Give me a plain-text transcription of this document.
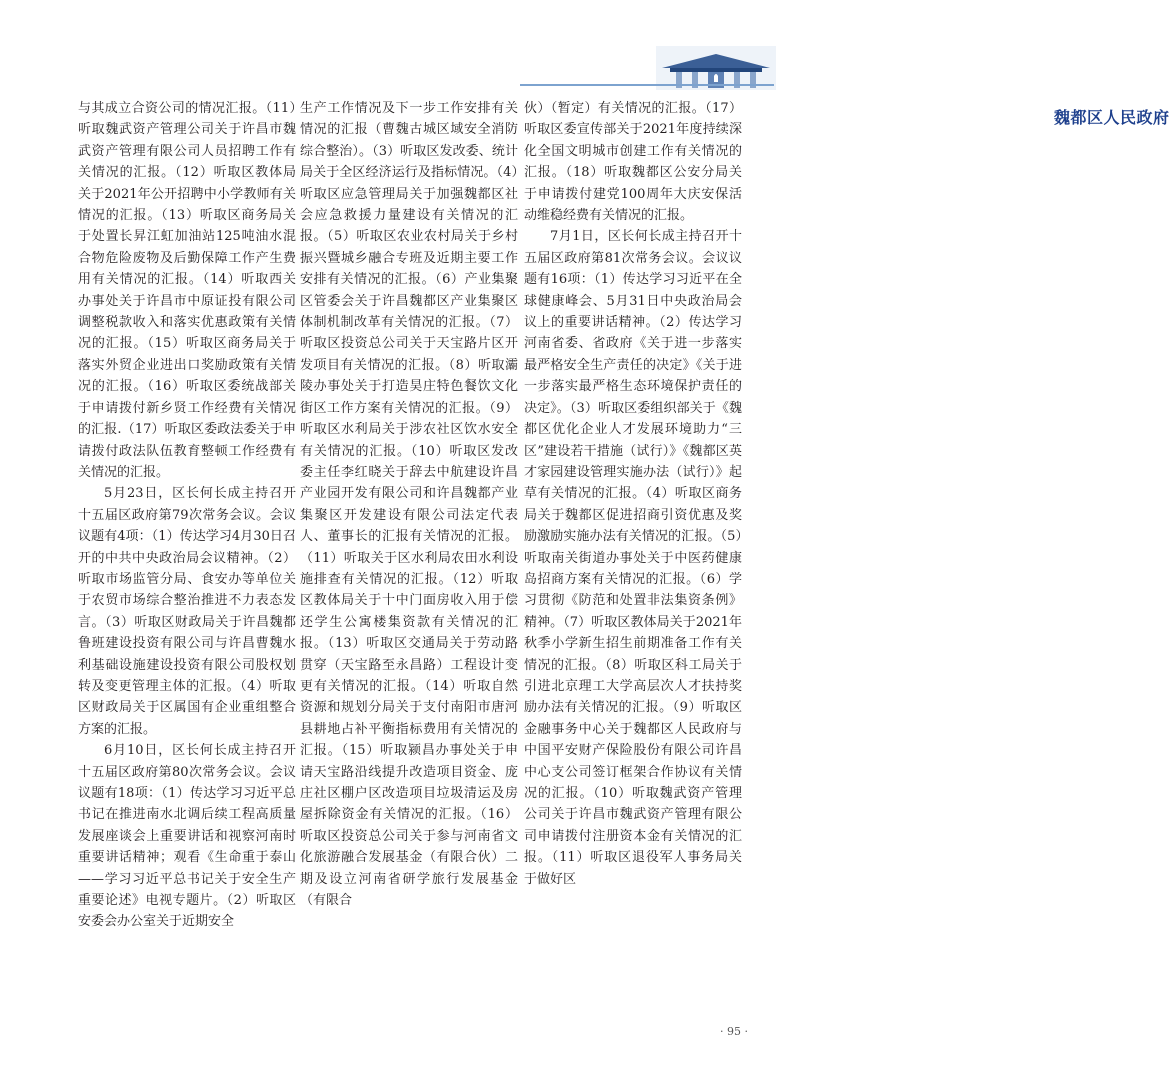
魏都区人民政府

与其成立合资公司的情况汇报。（11）听取魏武资产管理公司关于许昌市魏武资产管理有限公司人员招聘工作有关情况的汇报。（12）听取区教体局关于2021年公开招聘中小学教师有关情况的汇报。（13）听取区商务局关于处置长昇江虹加油站125吨油水混合物危险废物及后勤保障工作产生费用有关情况的汇报。（14）听取西关办事处关于许昌市中原证投有限公司调整税款收入和落实优惠政策有关情况的汇报。（15）听取区商务局关于落实外贸企业进出口奖励政策有关情况的汇报。（16）听取区委统战部关于申请拨付新乡贤工作经费有关情况的汇报.（17）听取区委政法委关于申请拨付政法队伍教育整顿工作经费有关情况的汇报。

5月23日，区长何长成主持召开十五届区政府第79次常务会议。会议议题有4项：（1）传达学习4月30日召开的中共中央政治局会议精神。（2）听取市场监管分局、食安办等单位关于农贸市场综合整治推进不力表态发言。（3）听取区财政局关于许昌魏都鲁班建设投资有限公司与许昌曹魏水利基础设施建设投资有限公司股权划转及变更管理主体的汇报。（4）听取区财政局关于区属国有企业重组整合方案的汇报。

6月10日，区长何长成主持召开十五届区政府第80次常务会议。会议议题有18项：（1）传达学习习近平总书记在推进南水北调后续工程高质量发展座谈会上重要讲话和视察河南时重要讲话精神；观看《生命重于泰山——学习习近平总书记关于安全生产重要论述》电视专题片。（2）听取区安委会办公室关于近期安全

生产工作情况及下一步工作安排有关情况的汇报（曹魏古城区域安全消防综合整治）。（3）听取区发改委、统计局关于全区经济运行及指标情况。（4）听取区应急管理局关于加强魏都区社会应急救援力量建设有关情况的汇报。（5）听取区农业农村局关于乡村振兴暨城乡融合专班及近期主要工作安排有关情况的汇报。（6）产业集聚区管委会关于许昌魏都区产业集聚区体制机制改革有关情况的汇报。（7）听取区投资总公司关于天宝路片区开发项目有关情况的汇报。（8）听取灞陵办事处关于打造昊庄特色餐饮文化街区工作方案有关情况的汇报。（9）听取区水利局关于涉农社区饮水安全有关情况的汇报。（10）听取区发改委主任李红晓关于辞去中航建设许昌产业园开发有限公司和许昌魏都产业集聚区开发建设有限公司法定代表人、董事长的汇报有关情况的汇报。（11）听取关于区水利局农田水利设施排查有关情况的汇报。（12）听取区教体局关于十中门面房收入用于偿还学生公寓楼集资款有关情况的汇报。（13）听取区交通局关于劳动路贯穿（天宝路至永昌路）工程设计变更有关情况的汇报。（14）听取自然资源和规划分局关于支付南阳市唐河县耕地占补平衡指标费用有关情况的汇报。（15）听取颍昌办事处关于申请天宝路沿线提升改造项目资金、庞庄社区棚户区改造项目垃圾清运及房屋拆除资金有关情况的汇报。（16）听取区投资总公司关于参与河南省文化旅游融合发展基金（有限合伙）二期及设立河南省研学旅行发展基金（有限合

伙）（暂定）有关情况的汇报。（17）听取区委宣传部关于2021年度持续深化全国文明城市创建工作有关情况的汇报。（18）听取魏都区公安分局关于申请拨付建党100周年大庆安保活动维稳经费有关情况的汇报。

7月1日，区长何长成主持召开十五届区政府第81次常务会议。会议议题有16项：（1）传达学习习近平在全球健康峰会、5月31日中央政治局会议上的重要讲话精神。（2）传达学习河南省委、省政府《关于进一步落实最严格安全生产责任的决定》《关于进一步落实最严格生态环境保护责任的决定》。（3）听取区委组织部关于《魏都区优化企业人才发展环境助力“三区”建设若干措施（试行）》《魏都区英才家园建设管理实施办法（试行）》起草有关情况的汇报。（4）听取区商务局关于魏都区促进招商引资优惠及奖励激励实施办法有关情况的汇报。（5）听取南关街道办事处关于中医药健康岛招商方案有关情况的汇报。（6）学习贯彻《防范和处置非法集资条例》精神。（7）听取区教体局关于2021年秋季小学新生招生前期准备工作有关情况的汇报。（8）听取区科工局关于引进北京理工大学高层次人才扶持奖励办法有关情况的汇报。（9）听取区金融事务中心关于魏都区人民政府与中国平安财产保险股份有限公司许昌中心支公司签订框架合作协议有关情况的汇报。（10）听取魏武资产管理公司关于许昌市魏武资产管理有限公司申请拨付注册资本金有关情况的汇报。（11）听取区退役军人事务局关于做好区

· 95 ·
